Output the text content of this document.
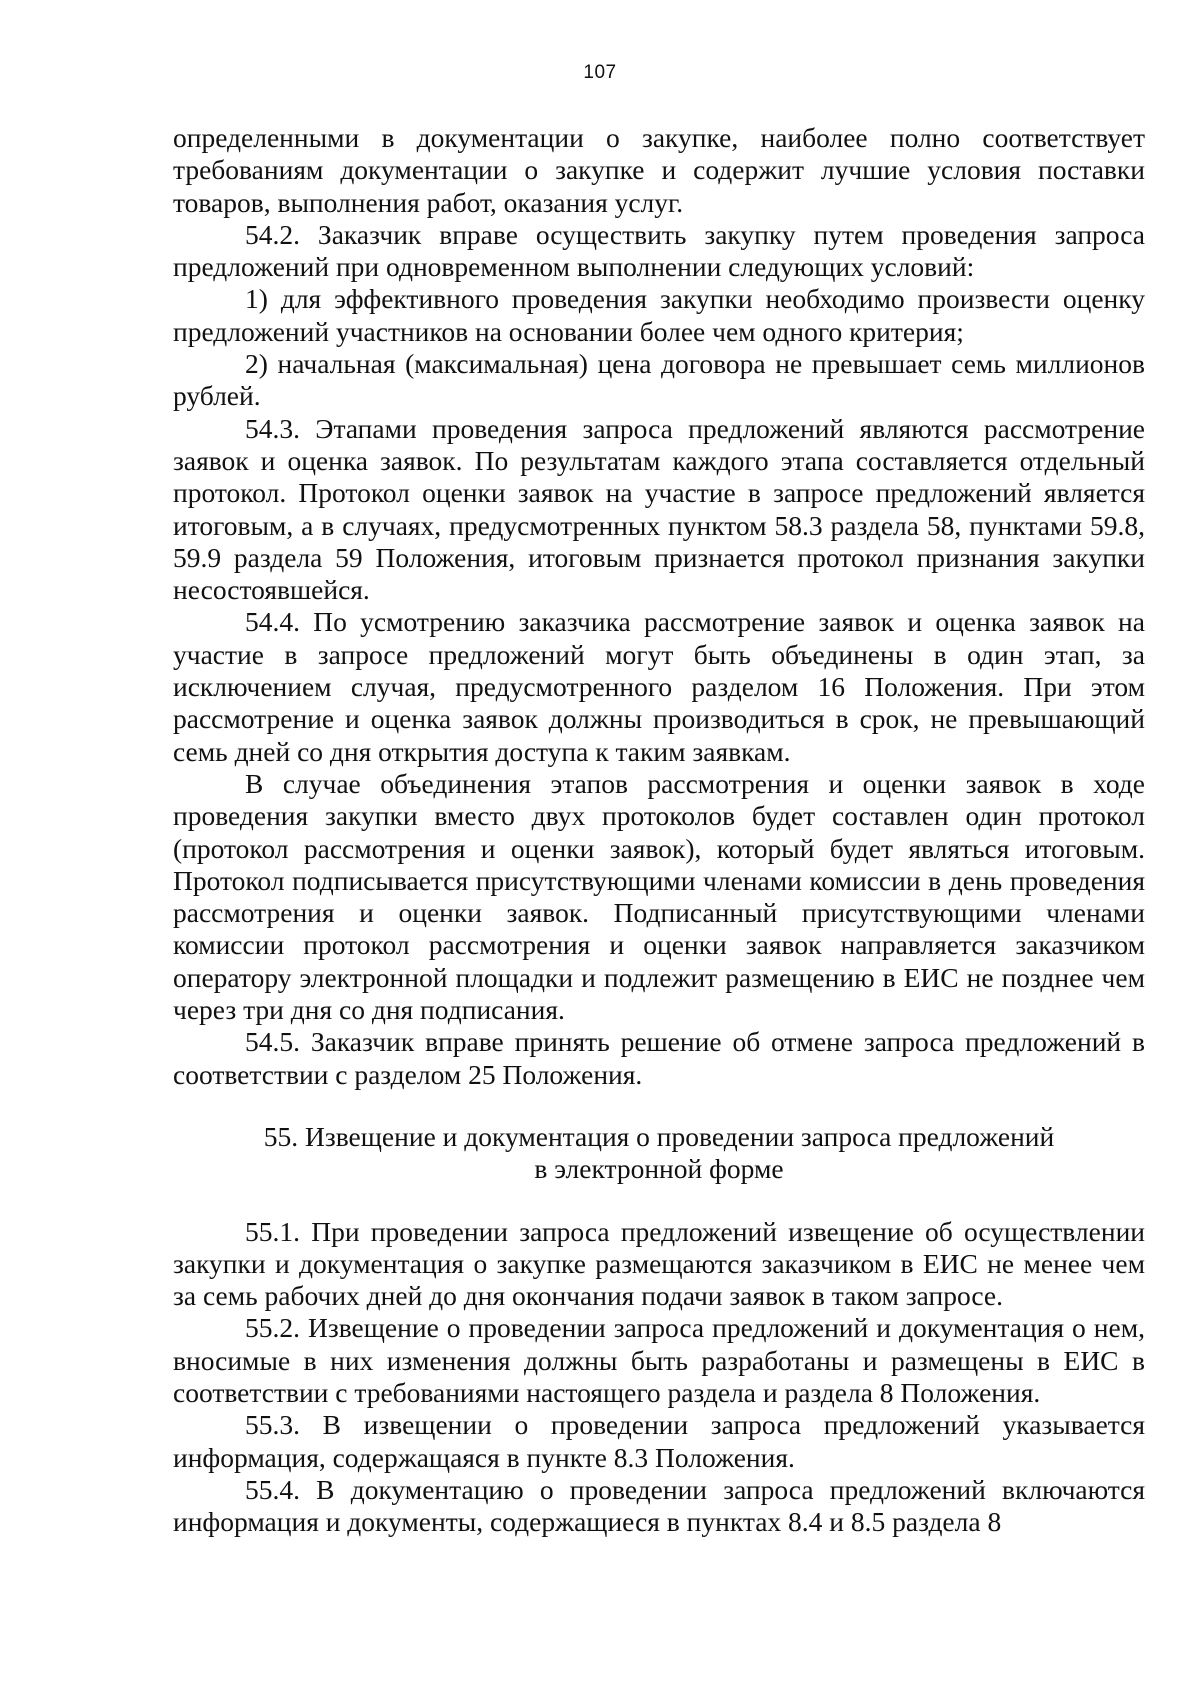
107

определенными в документации о закупке, наиболее полно соответствует требованиям документации о закупке и содержит лучшие условия поставки товаров, выполнения работ, оказания услуг.

54.2. Заказчик вправе осуществить закупку путем проведения запроса предложений при одновременном выполнении следующих условий:

1) для эффективного проведения закупки необходимо произвести оценку предложений участников на основании более чем одного критерия;

2) начальная (максимальная) цена договора не превышает семь миллионов рублей.

54.3. Этапами проведения запроса предложений являются рассмотрение заявок и оценка заявок. По результатам каждого этапа составляется отдельный протокол. Протокол оценки заявок на участие в запросе предложений является итоговым, а в случаях, предусмотренных пунктом 58.3 раздела 58, пунктами 59.8, 59.9 раздела 59 Положения, итоговым признается протокол признания закупки несостоявшейся.

54.4. По усмотрению заказчика рассмотрение заявок и оценка заявок на участие в запросе предложений могут быть объединены в один этап, за исключением случая, предусмотренного разделом 16 Положения. При этом рассмотрение и оценка заявок должны производиться в срок, не превышающий семь дней со дня открытия доступа к таким заявкам.

В случае объединения этапов рассмотрения и оценки заявок в ходе проведения закупки вместо двух протоколов будет составлен один протокол (протокол рассмотрения и оценки заявок), который будет являться итоговым. Протокол подписывается присутствующими членами комиссии в день проведения рассмотрения и оценки заявок. Подписанный присутствующими членами комиссии протокол рассмотрения и оценки заявок направляется заказчиком оператору электронной площадки и подлежит размещению в ЕИС не позднее чем через три дня со дня подписания.

54.5. Заказчик вправе принять решение об отмене запроса предложений в соответствии с разделом 25 Положения.

55. Извещение и документация о проведении запроса предложений
в электронной форме

55.1. При проведении запроса предложений извещение об осуществлении закупки и документация о закупке размещаются заказчиком в ЕИС не менее чем за семь рабочих дней до дня окончания подачи заявок в таком запросе.

55.2. Извещение о проведении запроса предложений и документация о нем, вносимые в них изменения должны быть разработаны и размещены в ЕИС в соответствии с требованиями настоящего раздела и раздела 8 Положения.

55.3. В извещении о проведении запроса предложений указывается информация, содержащаяся в пункте 8.3 Положения.

55.4. В документацию о проведении запроса предложений включаются информация и документы, содержащиеся в пунктах 8.4 и 8.5 раздела 8
